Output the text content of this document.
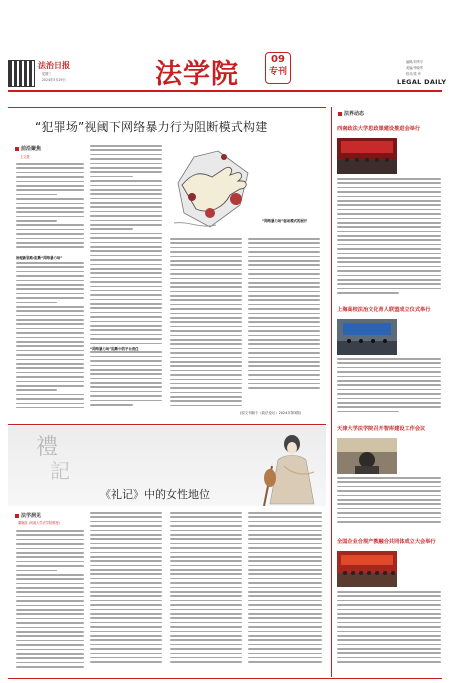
法治日报
星期三
2024年5月29日	法学院	09
专刊
编辑/刘秀平
美编/李晓军
校对/梁 斧
LEGAL DAILY
“犯罪场”视阈下网络暴力行为阻断模式构建
前沿聚焦
王文甜
治理新思路:阻断“网络暴力场”
“网络暴力场”阻断中的平台责任
“网络暴力场”驱动模式的展开
(原文刊载于《政法论坛》2024年第3期)
禮
記
《礼记》中的女性地位
法学洞见
董晓波 (河南大学法学院教授)
法界动态
西南政法大学思政课建设推进会举行
上海高校法治文化育人联盟成立仪式举行
天津大学法学院召开智库建设工作会议
全国企业合规产教融合共同体成立大会举行
